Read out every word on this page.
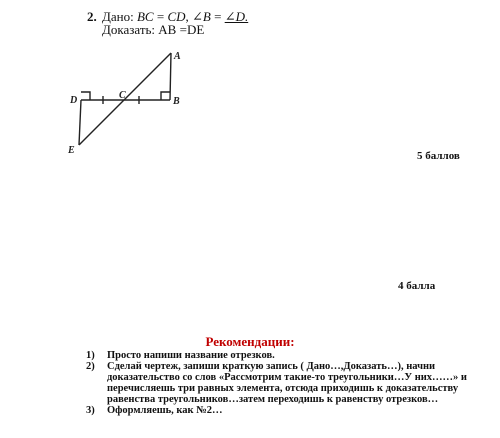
2. Дано: BC = CD, ∠B = ∠D.
Доказать: AB =DE
A
B
C
D
E	5 баллов
4 балла
Рекомендации:
1) Просто напиши название отрезков.
2) Сделай чертеж, запиши краткую запись ( Дано…,Доказать…), начни доказательство со слов «Рассмотрим такие-то треугольники…У них……» и перечисляешь три равных элемента, отсюда приходишь к доказательству равенства треугольников…затем переходишь к равенству отрезков…
3) Оформляешь, как №2…
